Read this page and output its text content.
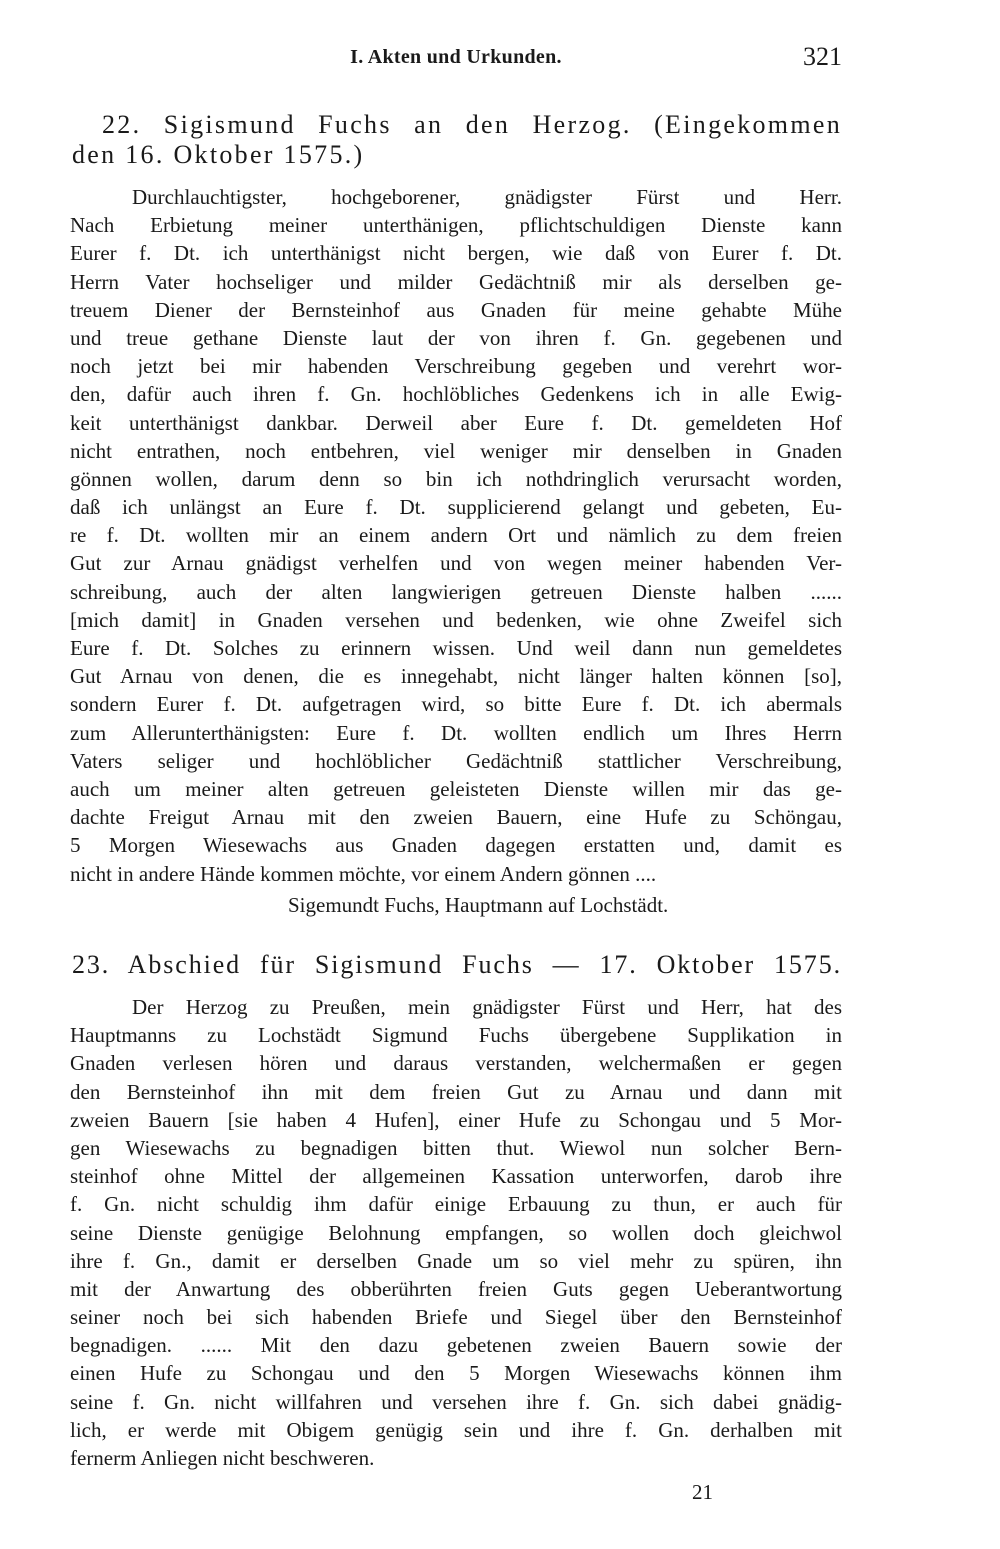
I. Akten und Urkunden.	321
22. Sigismund Fuchs an den Herzog. (Eingekommen
den 16. Oktober 1575.)
Durchlauchtigster, hochgeborener, gnädigster Fürst und Herr.
Nach Erbietung meiner unterthänigen, pflichtschuldigen Dienste kann
Eurer f. Dt. ich unterthänigst nicht bergen, wie daß von Eurer f. Dt.
Herrn Vater hochseliger und milder Gedächtniß mir als derselben ge-
treuem Diener der Bernsteinhof aus Gnaden für meine gehabte Mühe
und treue gethane Dienste laut der von ihren f. Gn. gegebenen und
noch jetzt bei mir habenden Verschreibung gegeben und verehrt wor-
den, dafür auch ihren f. Gn. hochlöbliches Gedenkens ich in alle Ewig-
keit unterthänigst dankbar. Derweil aber Eure f. Dt. gemeldeten Hof
nicht entrathen, noch entbehren, viel weniger mir denselben in Gnaden
gönnen wollen, darum denn so bin ich nothdringlich verursacht worden,
daß ich unlängst an Eure f. Dt. supplicierend gelangt und gebeten, Eu-
re f. Dt. wollten mir an einem andern Ort und nämlich zu dem freien
Gut zur Arnau gnädigst verhelfen und von wegen meiner habenden Ver-
schreibung, auch der alten langwierigen getreuen Dienste halben ......
[mich damit] in Gnaden versehen und bedenken, wie ohne Zweifel sich
Eure f. Dt. Solches zu erinnern wissen. Und weil dann nun gemeldetes
Gut Arnau von denen, die es innegehabt, nicht länger halten können [so],
sondern Eurer f. Dt. aufgetragen wird, so bitte Eure f. Dt. ich abermals
zum Allerunterthänigsten: Eure f. Dt. wollten endlich um Ihres Herrn
Vaters seliger und hochlöblicher Gedächtniß stattlicher Verschreibung,
auch um meiner alten getreuen geleisteten Dienste willen mir das ge-
dachte Freigut Arnau mit den zweien Bauern, eine Hufe zu Schöngau,
5 Morgen Wiesewachs aus Gnaden dagegen erstatten und, damit es
nicht in andere Hände kommen möchte, vor einem Andern gönnen ....
Sigemundt Fuchs, Hauptmann auf Lochstädt.
23. Abschied für Sigismund Fuchs — 17. Oktober 1575.
Der Herzog zu Preußen, mein gnädigster Fürst und Herr, hat des
Hauptmanns zu Lochstädt Sigmund Fuchs übergebene Supplikation in
Gnaden verlesen hören und daraus verstanden, welchermaßen er gegen
den Bernsteinhof ihn mit dem freien Gut zu Arnau und dann mit
zweien Bauern [sie haben 4 Hufen], einer Hufe zu Schongau und 5 Mor-
gen Wiesewachs zu begnadigen bitten thut. Wiewol nun solcher Bern-
steinhof ohne Mittel der allgemeinen Kassation unterworfen, darob ihre
f. Gn. nicht schuldig ihm dafür einige Erbauung zu thun, er auch für
seine Dienste genügige Belohnung empfangen, so wollen doch gleichwol
ihre f. Gn., damit er derselben Gnade um so viel mehr zu spüren, ihn
mit der Anwartung des obberührten freien Guts gegen Ueberantwortung
seiner noch bei sich habenden Briefe und Siegel über den Bernsteinhof
begnadigen. ...... Mit den dazu gebetenen zweien Bauern sowie der
einen Hufe zu Schongau und den 5 Morgen Wiesewachs können ihm
seine f. Gn. nicht willfahren und versehen ihre f. Gn. sich dabei gnädig-
lich, er werde mit Obigem genügig sein und ihre f. Gn. derhalben mit
fernerm Anliegen nicht beschweren.
21
